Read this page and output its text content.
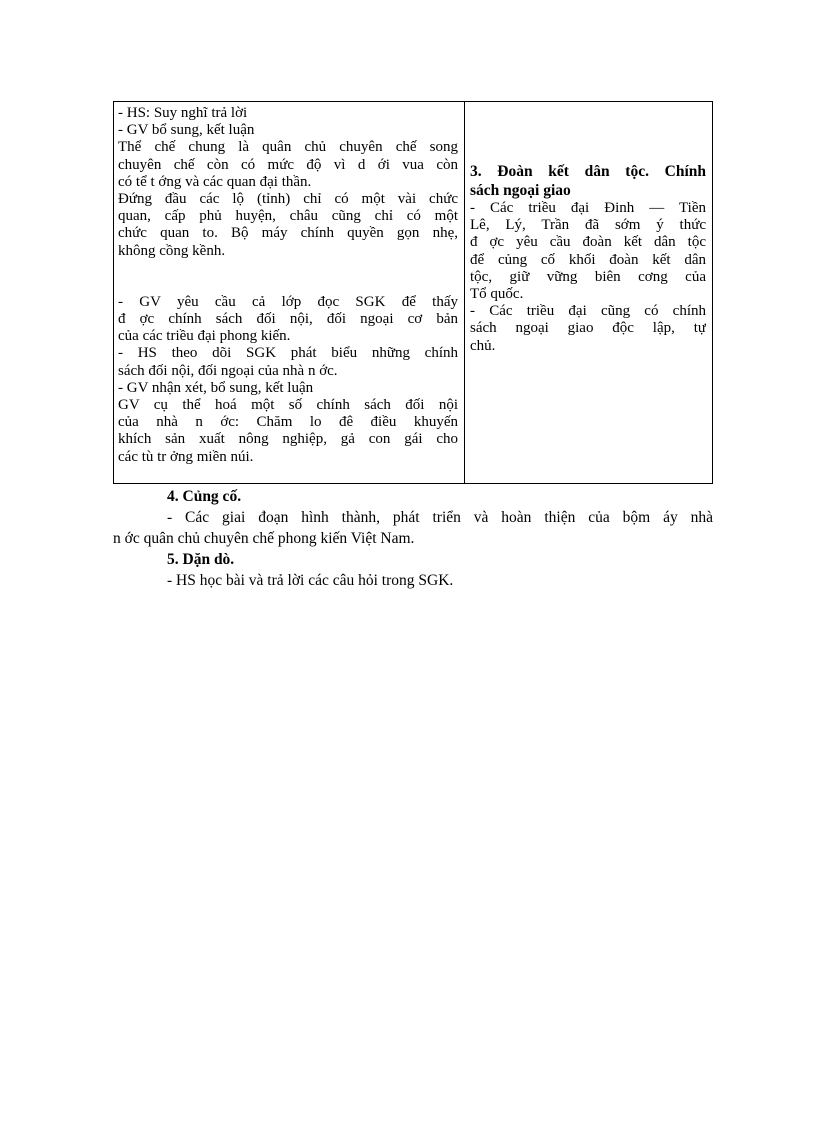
- HS: Suy nghĩ trả lời
- GV bổ sung, kết luận
Thể chế chung là quân chủ chuyên chế song
chuyên chế còn có mức độ vì d ới vua còn
có tể t ớng và các quan đại thần.
Đứng đầu các lộ (tỉnh) chỉ có một vài chức
quan, cấp phủ huyện, châu cũng chỉ có một
chức quan to. Bộ máy chính quyền gọn nhẹ,
không cồng kềnh.
- GV yêu cầu cả lớp đọc SGK để thấy
đ ợc chính sách đối nội, đối ngoại cơ bản
của các triều đại phong kiến.
- HS theo dõi SGK phát biểu những chính
sách đối nội, đối ngoại của nhà n ớc.
- GV nhận xét, bổ sung, kết luận
GV cụ thể hoá một số chính sách đối nội
của nhà n ớc: Chăm lo đê điều khuyến
khích sản xuất nông nghiệp, gả con gái cho
các tù tr ởng miền núi.
3. Đoàn kết dân tộc. Chính
sách ngoại giao
- Các triều đại Đinh — Tiền
Lê, Lý, Trần đã sớm ý thức
đ ợc yêu cầu đoàn kết dân tộc
để củng cố khối đoàn kết dân
tộc, giữ vững biên cơng của
Tổ quốc.
- Các triều đại cũng có chính
sách ngoại giao độc lập, tự
chủ.
4. Củng cố.
- Các giai đoạn hình thành, phát triển và hoàn thiện của bộm áy nhà
n ớc quân chủ chuyên chế phong kiến Việt Nam.
5. Dặn dò.
- HS học bài và trả lời các câu hỏi trong SGK.
